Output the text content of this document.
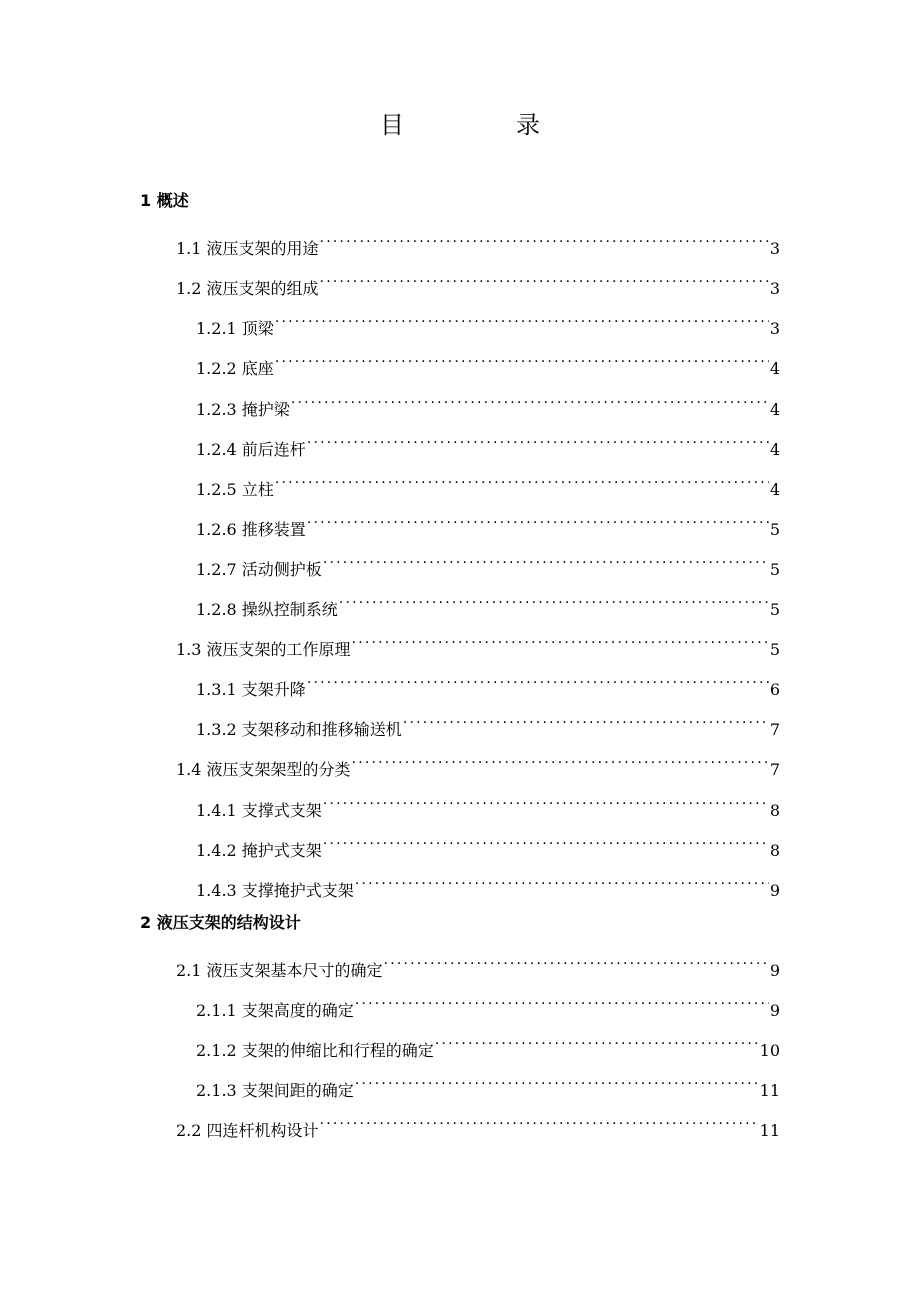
目　录
1 概述
1.1 液压支架的用途 ·····	3
1.2 液压支架的组成 ·····	3
1.2.1 顶梁 ·····	3
1.2.2 底座 ·····	4
1.2.3 掩护梁 ·····	4
1.2.4 前后连杆 ·····	4
1.2.5 立柱 ·····	4
1.2.6 推移装置 ·····	5
1.2.7 活动侧护板 ·····	5
1.2.8 操纵控制系统 ·····	5
1.3 液压支架的工作原理 ·····	5
1.3.1 支架升降 ·····	6
1.3.2 支架移动和推移输送机 ·····	7
1.4 液压支架架型的分类 ·····	7
1.4.1 支撑式支架 ·····	8
1.4.2 掩护式支架 ·····	8
1.4.3 支撑掩护式支架 ·····	9
2 液压支架的结构设计
2.1 液压支架基本尺寸的确定 ·····	9
2.1.1 支架高度的确定 ·····	9
2.1.2 支架的伸缩比和行程的确定 ·····	10
2.1.3 支架间距的确定 ·····	11
2.2 四连杆机构设计 ·····	11
